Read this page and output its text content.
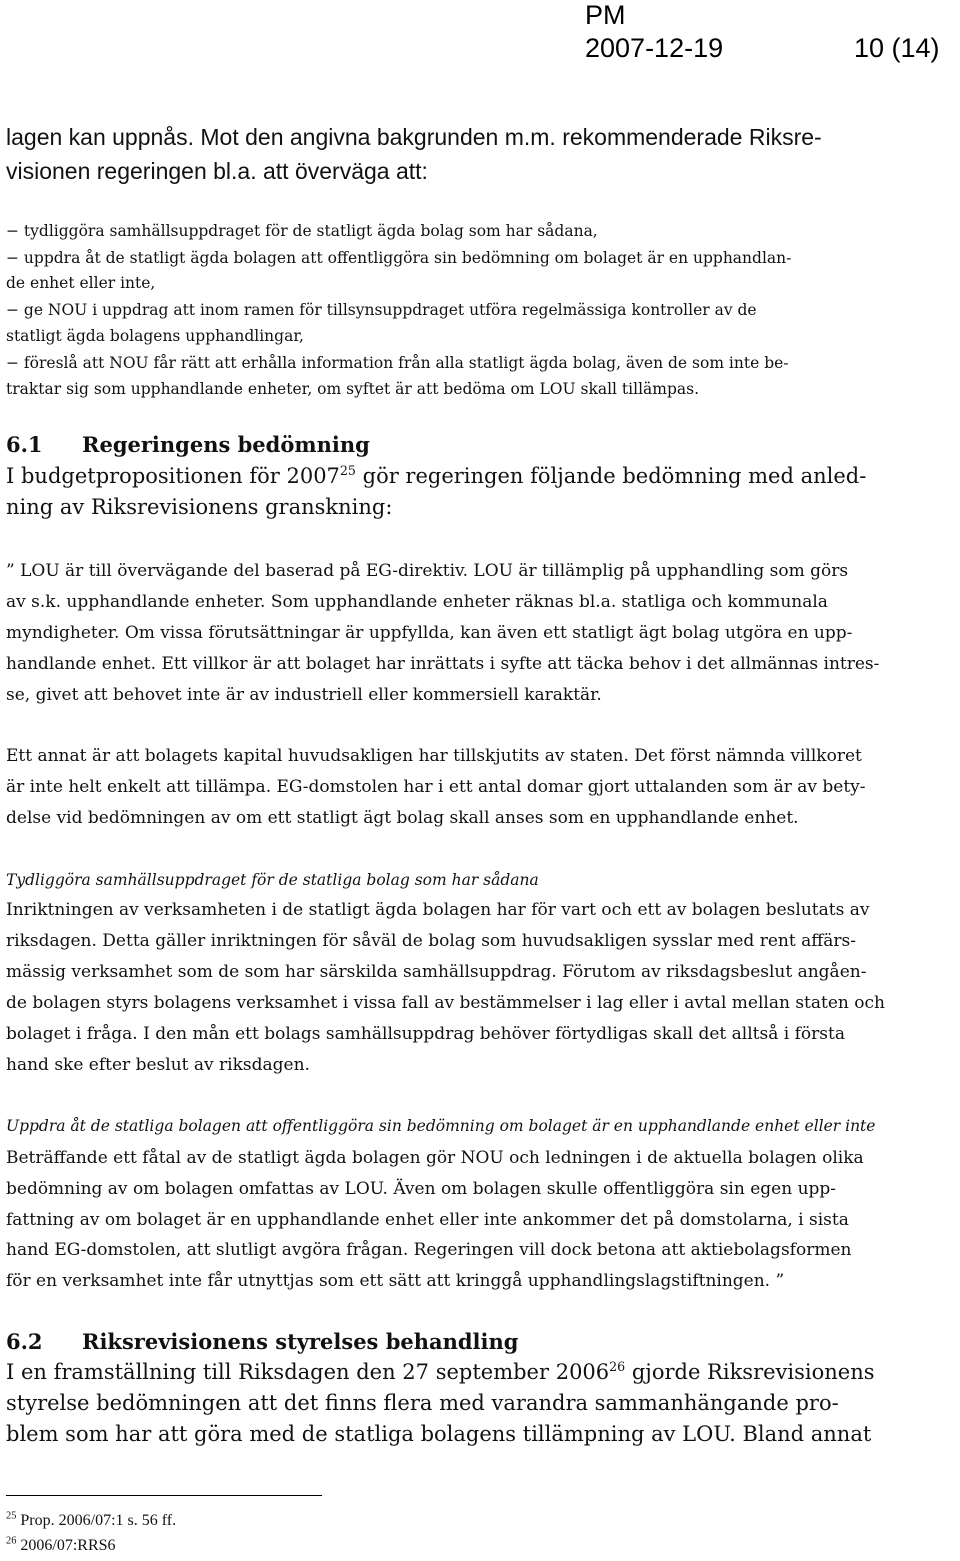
PM
2007-12-19	10 (14)
lagen kan uppnås. Mot den angivna bakgrunden m.m. rekommenderade Riksre-
visionen regeringen bl.a. att överväga att:
− tydliggöra samhällsuppdraget för de statligt ägda bolag som har sådana,
− uppdra åt de statligt ägda bolagen att offentliggöra sin bedömning om bolaget är en upphandlan-
de enhet eller inte,
− ge NOU i uppdrag att inom ramen för tillsynsuppdraget utföra regelmässiga kontroller av de
statligt ägda bolagens upphandlingar,
− föreslå att NOU får rätt att erhålla information från alla statligt ägda bolag, även de som inte be-
traktar sig som upphandlande enheter, om syftet är att bedöma om LOU skall tillämpas.
6.1 Regeringens bedömning
I budgetpropositionen för 2007$^{25}$ gör regeringen följande bedömning med anled-
ning av Riksrevisionens granskning:
” LOU är till övervägande del baserad på EG-direktiv. LOU är tillämplig på upphandling som görs
av s.k. upphandlande enheter. Som upphandlande enheter räknas bl.a. statliga och kommunala
myndigheter. Om vissa förutsättningar är uppfyllda, kan även ett statligt ägt bolag utgöra en upp-
handlande enhet. Ett villkor är att bolaget har inrättats i syfte att täcka behov i det allmännas intres-
se, givet att behovet inte är av industriell eller kommersiell karaktär.
Ett annat är att bolagets kapital huvudsakligen har tillskjutits av staten. Det först nämnda villkoret
är inte helt enkelt att tillämpa. EG-domstolen har i ett antal domar gjort uttalanden som är av bety-
delse vid bedömningen av om ett statligt ägt bolag skall anses som en upphandlande enhet.
Tydliggöra samhällsuppdraget för de statliga bolag som har sådana
Inriktningen av verksamheten i de statligt ägda bolagen har för vart och ett av bolagen beslutats av
riksdagen. Detta gäller inriktningen för såväl de bolag som huvudsakligen sysslar med rent affärs-
mässig verksamhet som de som har särskilda samhällsuppdrag. Förutom av riksdagsbeslut angåen-
de bolagen styrs bolagens verksamhet i vissa fall av bestämmelser i lag eller i avtal mellan staten och
bolaget i fråga. I den mån ett bolags samhällsuppdrag behöver förtydligas skall det alltså i första
hand ske efter beslut av riksdagen.
Uppdra åt de statliga bolagen att offentliggöra sin bedömning om bolaget är en upphandlande enhet eller inte
Beträffande ett fåtal av de statligt ägda bolagen gör NOU och ledningen i de aktuella bolagen olika
bedömning av om bolagen omfattas av LOU. Även om bolagen skulle offentliggöra sin egen upp-
fattning av om bolaget är en upphandlande enhet eller inte ankommer det på domstolarna, i sista
hand EG-domstolen, att slutligt avgöra frågan. Regeringen vill dock betona att aktiebolagsformen
för en verksamhet inte får utnyttjas som ett sätt att kringgå upphandlingslagstiftningen. ”
6.2 Riksrevisionens styrelses behandling
I en framställning till Riksdagen den 27 september 2006$^{26}$ gjorde Riksrevisionens
styrelse bedömningen att det finns flera med varandra sammanhängande pro-
blem som har att göra med de statliga bolagens tillämpning av LOU. Bland annat
$^{25}$ Prop. 2006/07:1 s. 56 ff.
$^{26}$ 2006/07:RRS6
